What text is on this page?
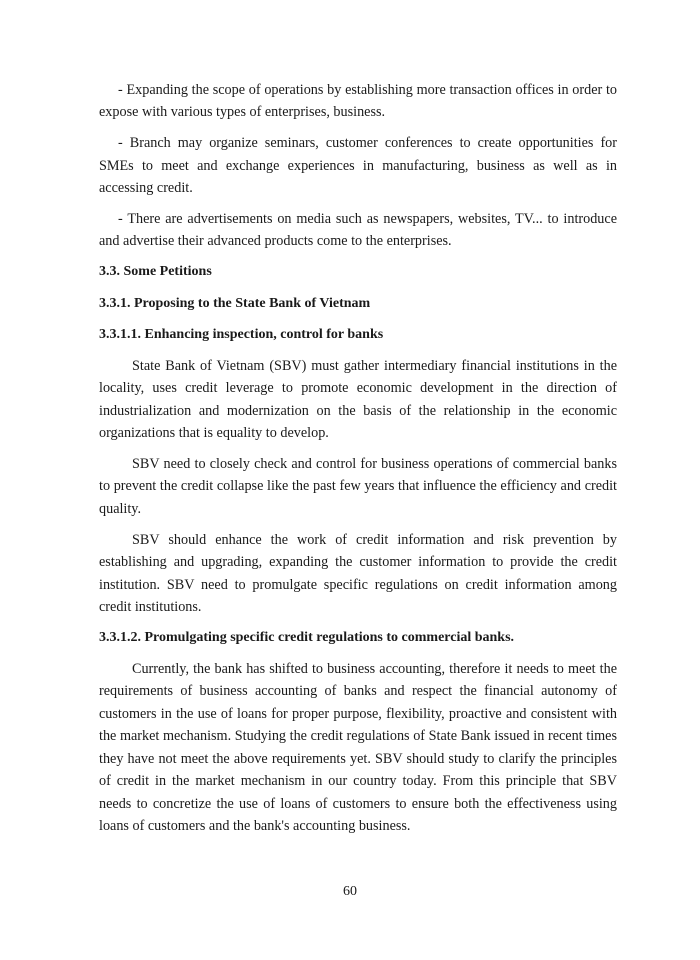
- Expanding the scope of operations by establishing more transaction offices in order to expose with various types of enterprises, business.

- Branch may organize seminars, customer conferences to create opportunities for SMEs to meet and exchange experiences in manufacturing, business as well as in accessing credit.

- There are advertisements on media such as newspapers, websites, TV... to introduce and advertise their advanced products come to the enterprises.

3.3. Some Petitions

3.3.1. Proposing to the State Bank of Vietnam

3.3.1.1. Enhancing inspection, control for banks

State Bank of Vietnam (SBV) must gather intermediary financial institutions in the locality, uses credit leverage to promote economic development in the direction of industrialization and modernization on the basis of the relationship in the economic organizations that is equality to develop.

SBV need to closely check and control for business operations of commercial banks to prevent the credit collapse like the past few years that influence the efficiency and credit quality.

SBV should enhance the work of credit information and risk prevention by establishing and upgrading, expanding the customer information to provide the credit institution. SBV need to promulgate specific regulations on credit information among credit institutions.

3.3.1.2. Promulgating specific credit regulations to commercial banks.

Currently, the bank has shifted to business accounting, therefore it needs to meet the requirements of business accounting of banks and respect the financial autonomy of customers in the use of loans for proper purpose, flexibility, proactive and consistent with the market mechanism. Studying the credit regulations of State Bank issued in recent times they have not meet the above requirements yet. SBV should study to clarify the principles of credit in the market mechanism in our country today. From this principle that SBV needs to concretize the use of loans of customers to ensure both the effectiveness using loans of customers and the bank's accounting business.

60
